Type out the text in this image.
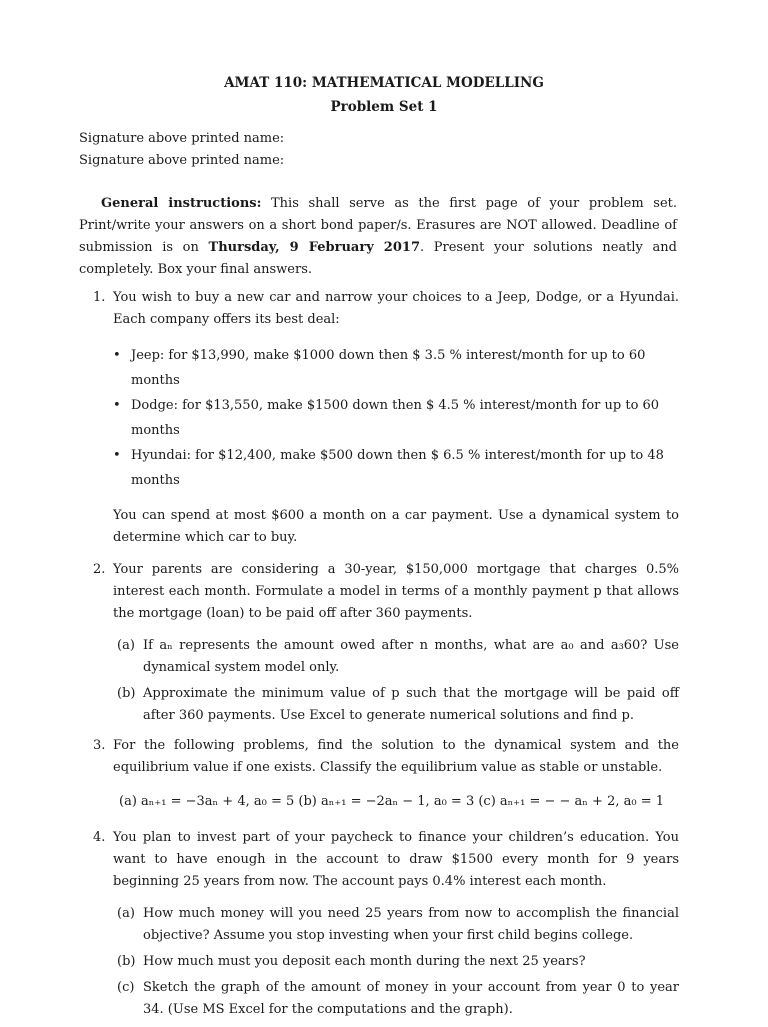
AMAT 110: MATHEMATICAL MODELLING
Problem Set 1
Signature above printed name:
Signature above printed name:
General instructions: This shall serve as the first page of your problem set. Print/write your answers on a short bond paper/s. Erasures are NOT allowed. Deadline of submission is on Thursday, 9 February 2017. Present your solutions neatly and completely. Box your final answers.
1. You wish to buy a new car and narrow your choices to a Jeep, Dodge, or a Hyundai. Each company offers its best deal:
• Jeep: for $13,990, make $1000 down then $ 3.5 % interest/month for up to 60 months
• Dodge: for $13,550, make $1500 down then $ 4.5 % interest/month for up to 60 months
• Hyundai: for $12,400, make $500 down then $ 6.5 % interest/month for up to 48 months
You can spend at most $600 a month on a car payment. Use a dynamical system to determine which car to buy.
2. Your parents are considering a 30-year, $150,000 mortgage that charges 0.5% interest each month. Formulate a model in terms of a monthly payment p that allows the mortgage (loan) to be paid off after 360 payments.
(a) If aₙ represents the amount owed after n months, what are a₀ and a₃60? Use dynamical system model only.
(b) Approximate the minimum value of p such that the mortgage will be paid off after 360 payments. Use Excel to generate numerical solutions and find p.
3. For the following problems, find the solution to the dynamical system and the equilibrium value if one exists. Classify the equilibrium value as stable or unstable.
(a) aₙ₊₁ = −3aₙ + 4, a₀ = 5 (b) aₙ₊₁ = −2aₙ − 1, a₀ = 3 (c) aₙ₊₁ = − − aₙ + 2, a₀ = 1
4. You plan to invest part of your paycheck to finance your children’s education. You want to have enough in the account to draw $1500 every month for 9 years beginning 25 years from now. The account pays 0.4% interest each month.
(a) How much money will you need 25 years from now to accomplish the financial objective? Assume you stop investing when your first child begins college.
(b) How much must you deposit each month during the next 25 years?
(c) Sketch the graph of the amount of money in your account from year 0 to year 34. (Use MS Excel for the computations and the graph).
